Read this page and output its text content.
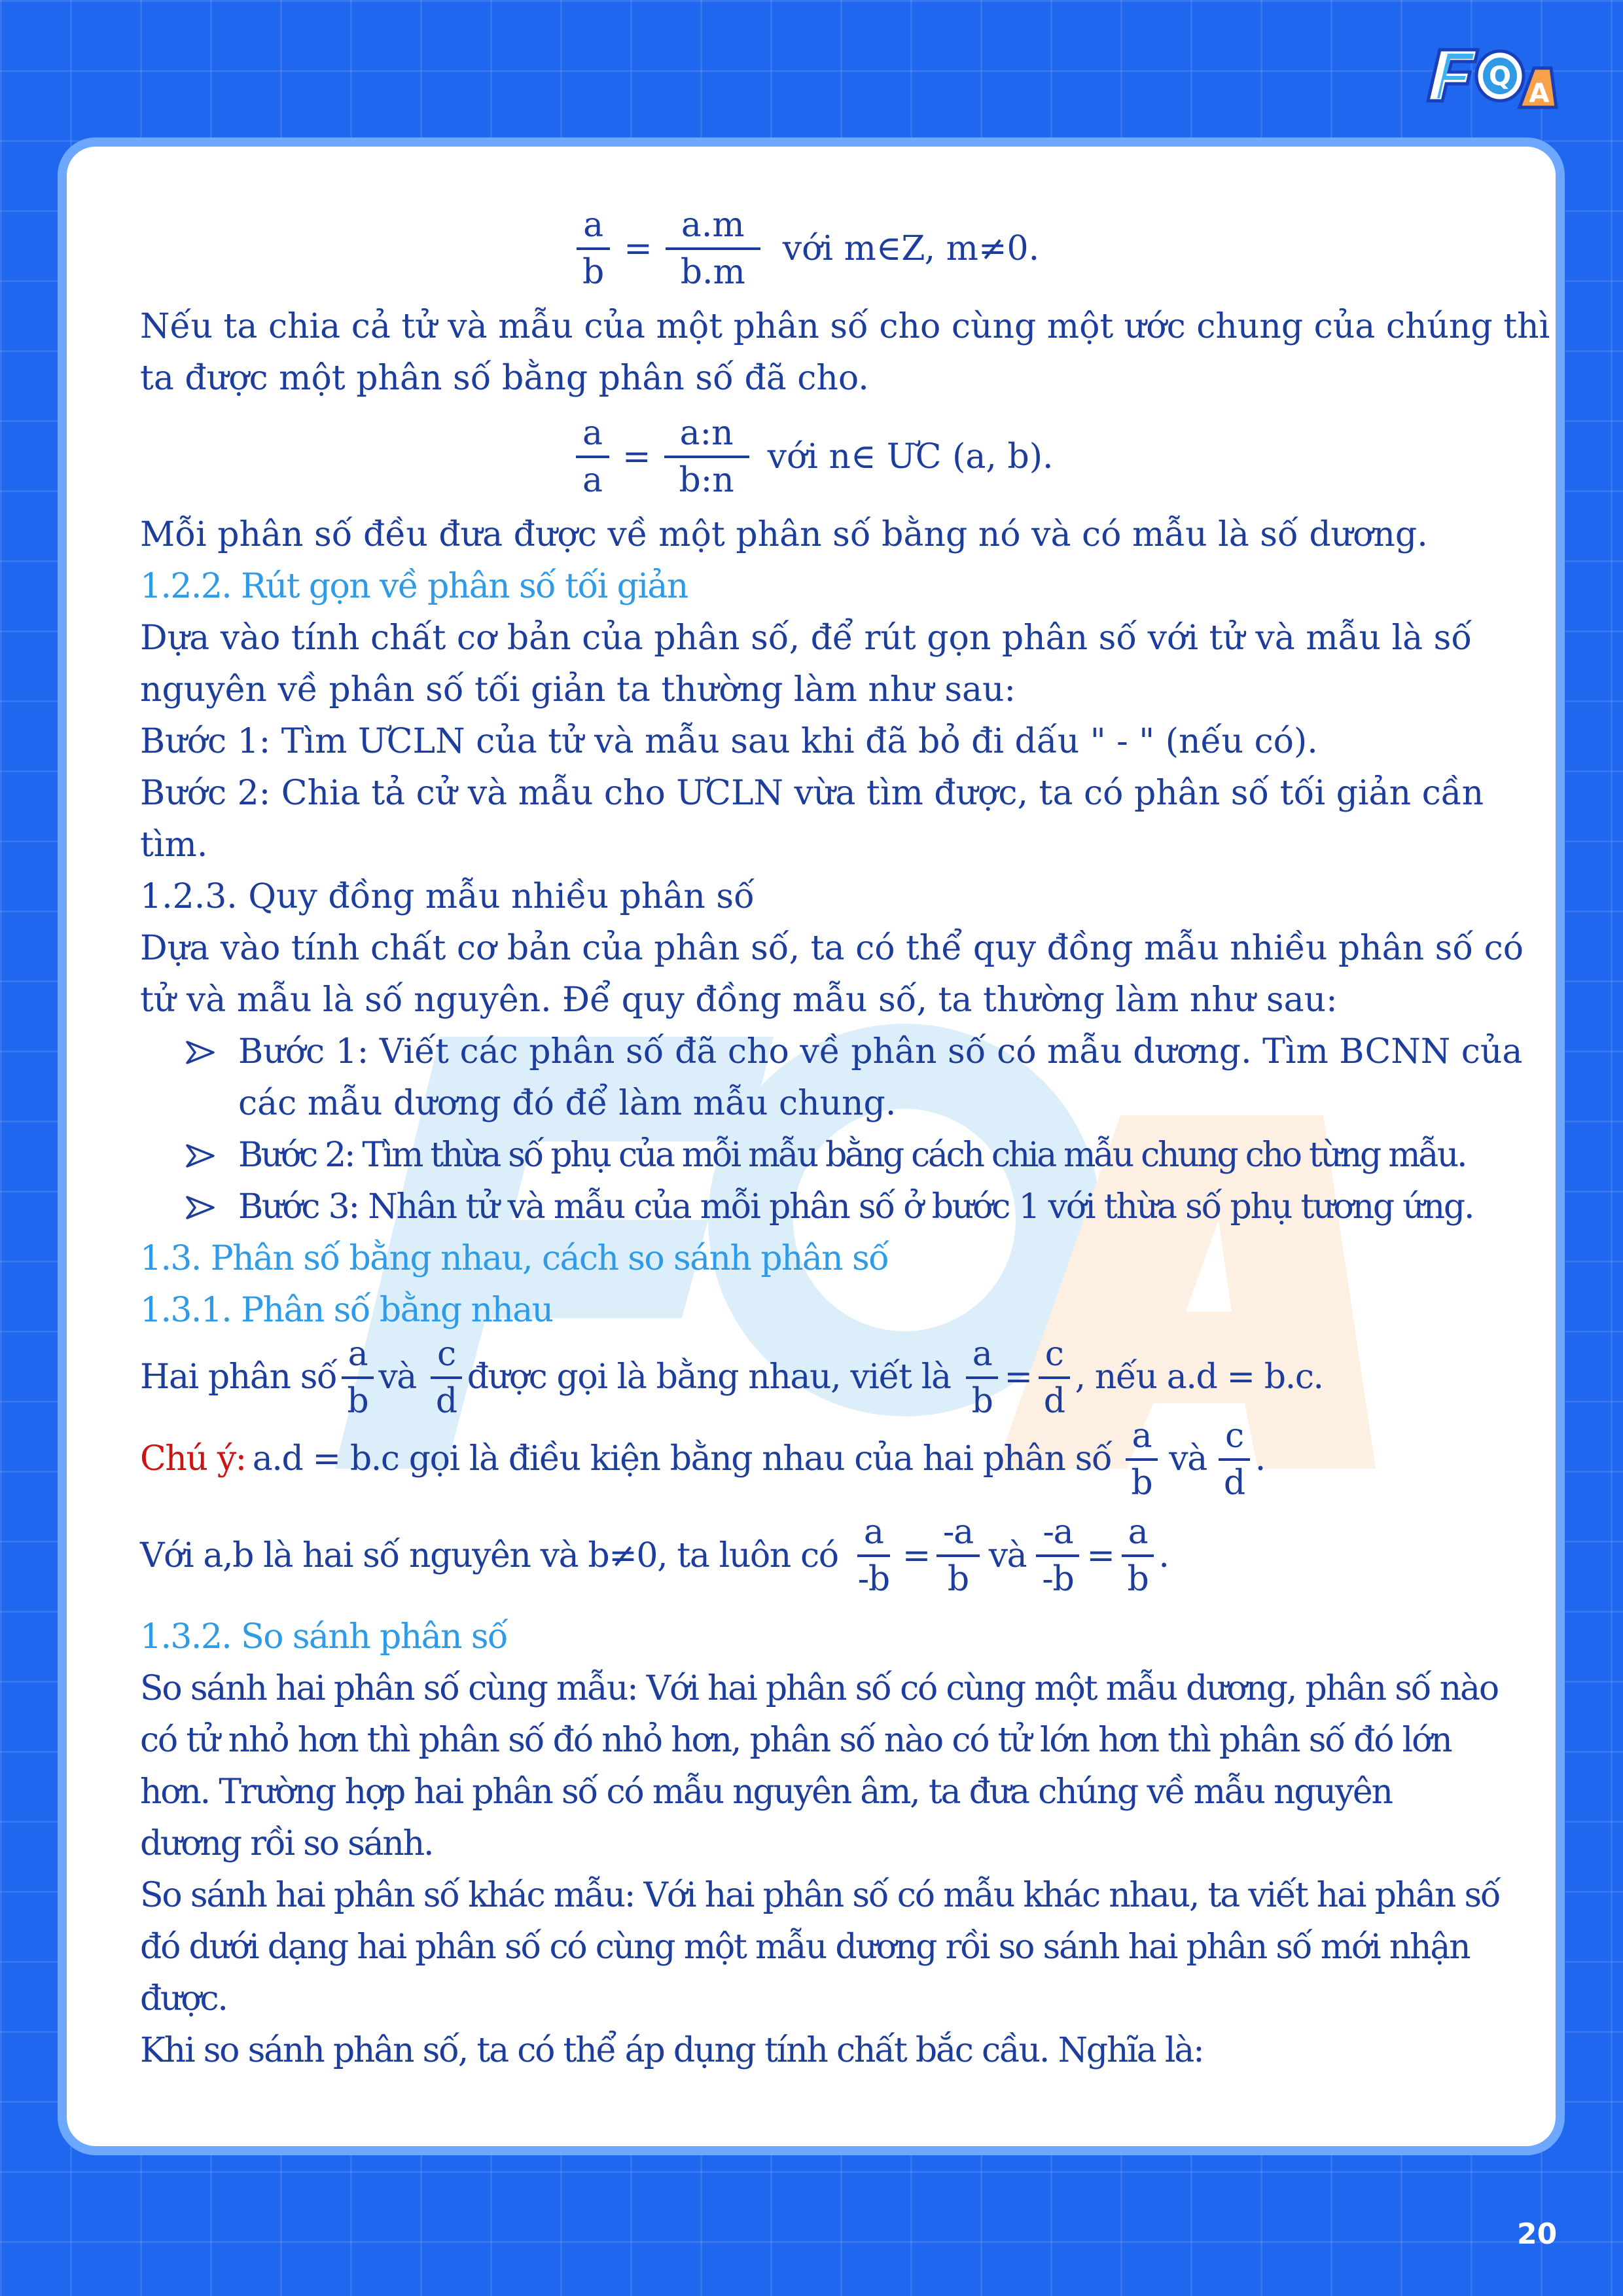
Q
A
$\frac{a}{b} = \frac{a.m}{b.m}$ với m∈Z, m≠0.
Nếu ta chia cả tử và mẫu của một phân số cho cùng một ước chung của chúng thì
ta được một phân số bằng phân số đã cho.
$\frac{a}{a} = \frac{a:n}{b:n}$ với n∈ ƯC (a, b).
Mỗi phân số đều đưa được về một phân số bằng nó và có mẫu là số dương.
1.2.2. Rút gọn về phân số tối giản
Dựa vào tính chất cơ bản của phân số, để rút gọn phân số với tử và mẫu là số
nguyên về phân số tối giản ta thường làm như sau:
Bước 1: Tìm ƯCLN của tử và mẫu sau khi đã bỏ đi dấu " - " (nếu có).
Bước 2: Chia tả cử và mẫu cho ƯCLN vừa tìm được, ta có phân số tối giản cần
tìm.
1.2.3. Quy đồng mẫu nhiều phân số
Dựa vào tính chất cơ bản của phân số, ta có thể quy đồng mẫu nhiều phân số có
tử và mẫu là số nguyên. Để quy đồng mẫu số, ta thường làm như sau:
Bước 1: Viết các phân số đã cho về phân số có mẫu dương. Tìm BCNN của
các mẫu dương đó để làm mẫu chung.
Bước 2: Tìm thừa số phụ của mỗi mẫu bằng cách chia mẫu chung cho từng mẫu.
Bước 3: Nhân tử và mẫu của mỗi phân số ở bước 1 với thừa số phụ tương ứng.
1.3. Phân số bằng nhau, cách so sánh phân số
1.3.1. Phân số bằng nhau
Hai phân số $\frac{a}{b}$ và $\frac{c}{d}$ được gọi là bằng nhau, viết là $\frac{a}{b} = \frac{c}{d}$ , nếu a.d = b.c.
Chú ý: a.d = b.c gọi là điều kiện bằng nhau của hai phân số $\frac{a}{b}$ và $\frac{c}{d}$ .
Với a,b là hai số nguyên và b≠0, ta luôn có $\frac{a}{-b} = \frac{-a}{b}$ và $\frac{-a}{-b} = \frac{a}{b}$ .
1.3.2. So sánh phân số
So sánh hai phân số cùng mẫu: Với hai phân số có cùng một mẫu dương, phân số nào
có tử nhỏ hơn thì phân số đó nhỏ hơn, phân số nào có tử lớn hơn thì phân số đó lớn
hơn. Trường hợp hai phân số có mẫu nguyên âm, ta đưa chúng về mẫu nguyên
dương rồi so sánh.
So sánh hai phân số khác mẫu: Với hai phân số có mẫu khác nhau, ta viết hai phân số
đó dưới dạng hai phân số có cùng một mẫu dương rồi so sánh hai phân số mới nhận
được.
Khi so sánh phân số, ta có thể áp dụng tính chất bắc cầu. Nghĩa là:
20
